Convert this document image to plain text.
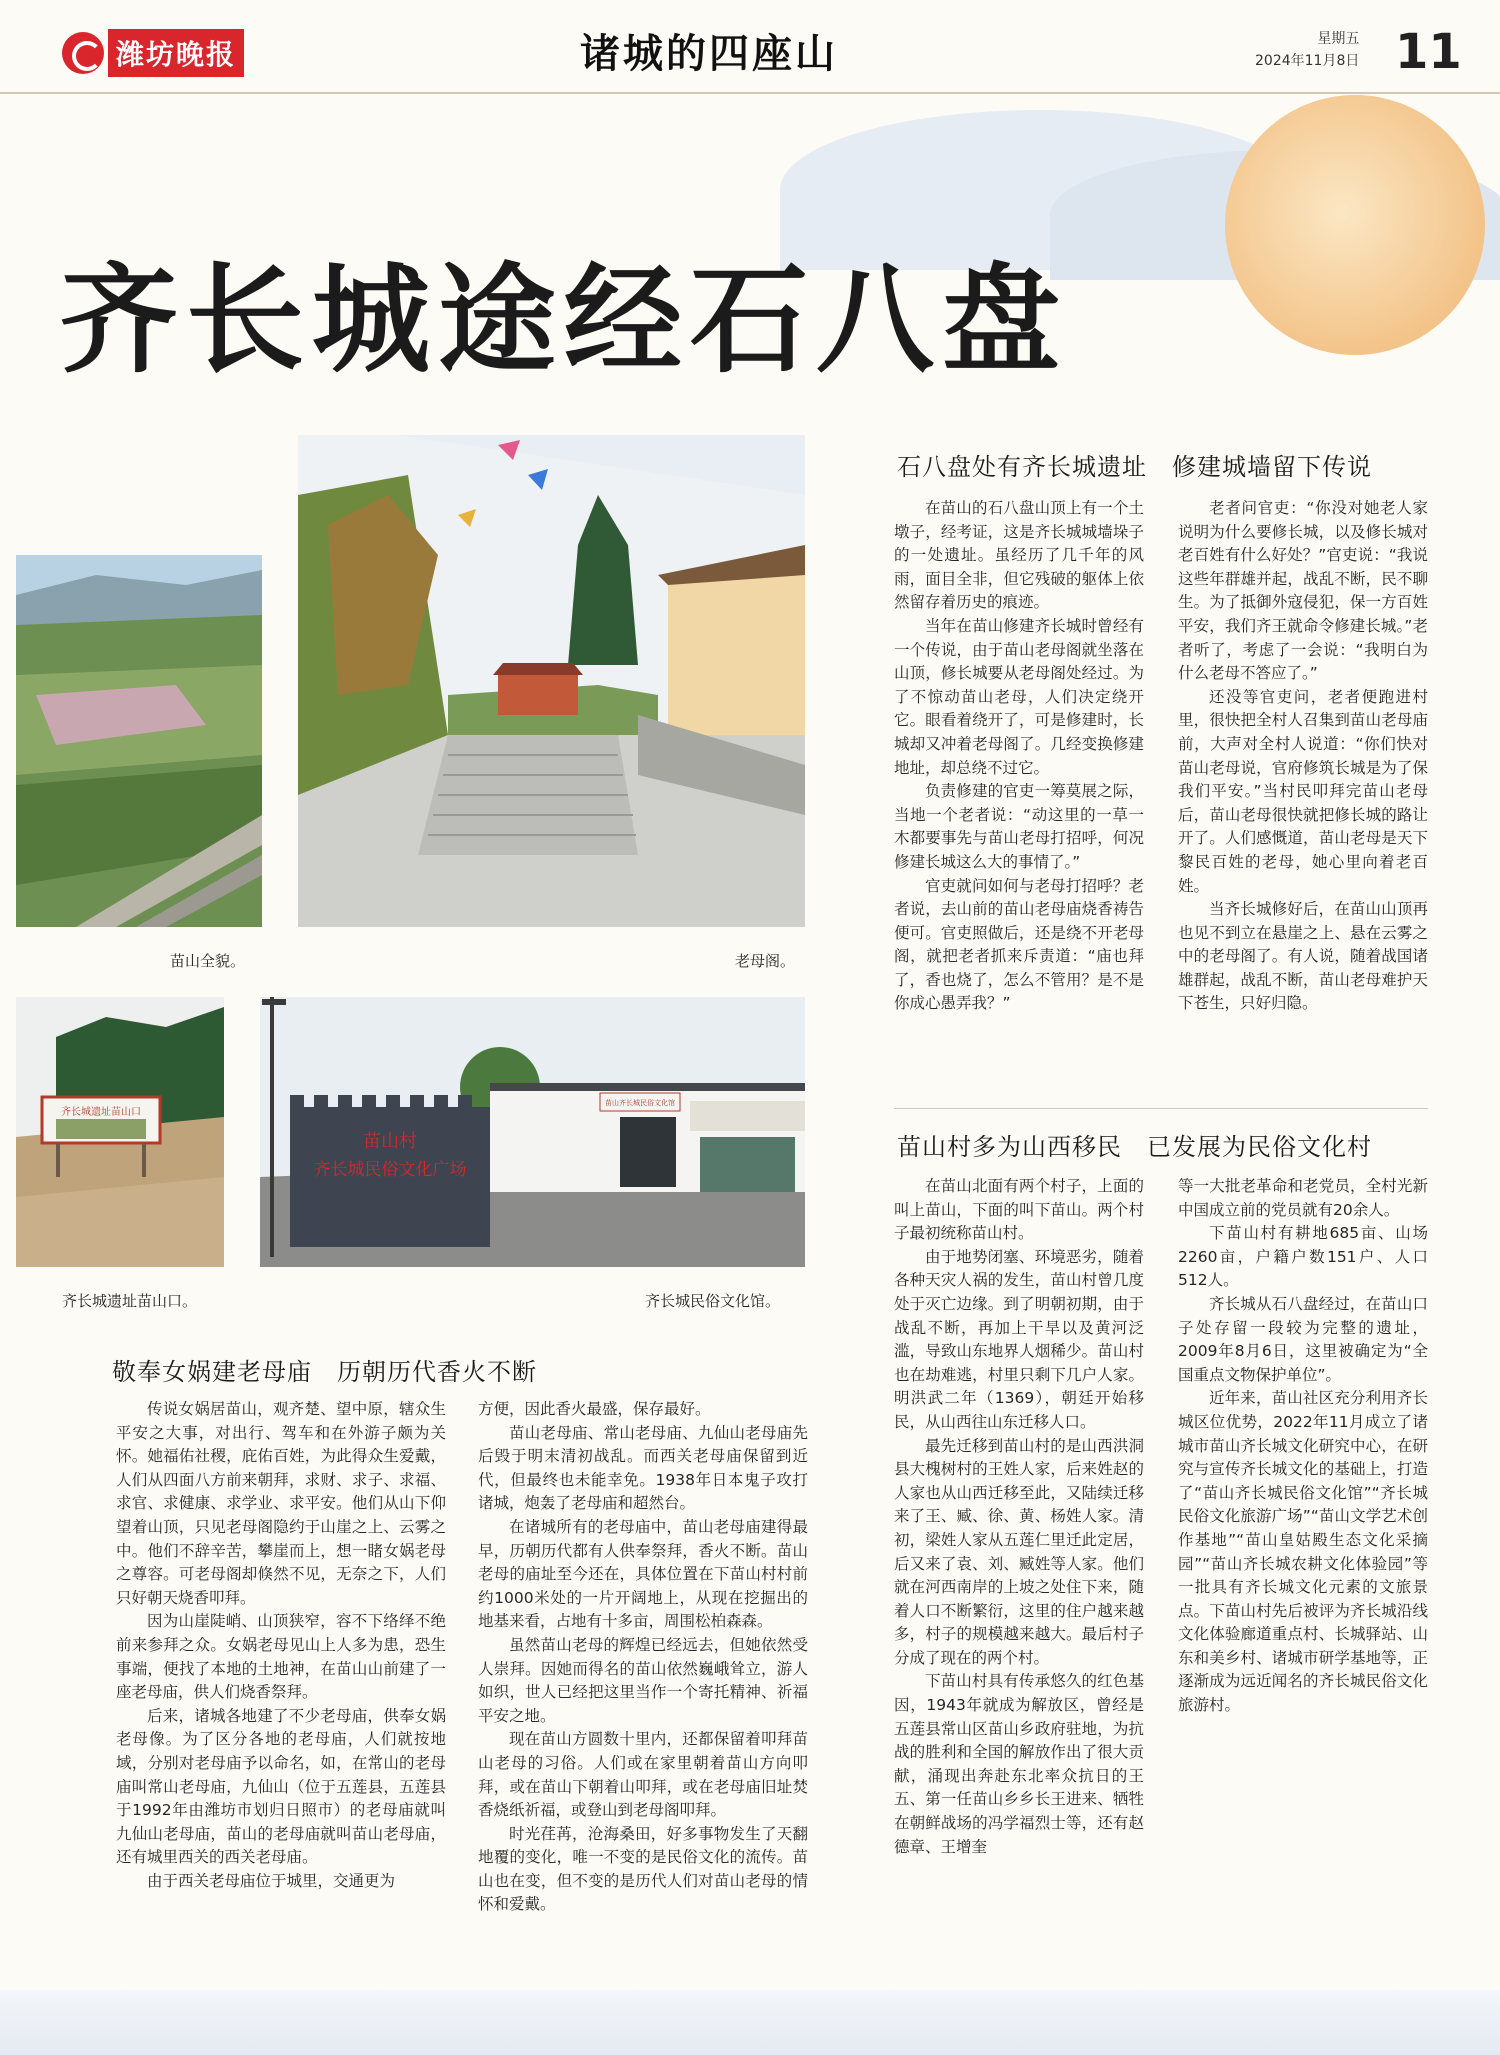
潍坊晚报	诸城的四座山	星期五
2024年11月8日 11
齐长城途经石八盘
苗山全貌。	老母阁。
齐长城遗址苗山口
齐长城遗址苗山口。
苗山齐长城民俗文化馆
苗山村
齐长城民俗文化广场
齐长城民俗文化馆。
敬奉女娲建老母庙　历朝历代香火不断

传说女娲居苗山，观齐楚、望中原，辖众生平安之大事，对出行、驾车和在外游子颇为关怀。她福佑社稷，庇佑百姓，为此得众生爱戴，人们从四面八方前来朝拜，求财、求子、求福、求官、求健康、求学业、求平安。他们从山下仰望着山顶，只见老母阁隐约于山崖之上、云雾之中。他们不辞辛苦，攀崖而上，想一睹女娲老母之尊容。可老母阁却倏然不见，无奈之下，人们只好朝天烧香叩拜。

因为山崖陡峭、山顶狭窄，容不下络绎不绝前来参拜之众。女娲老母见山上人多为患，恐生事端，便找了本地的土地神，在苗山山前建了一座老母庙，供人们烧香祭拜。

后来，诸城各地建了不少老母庙，供奉女娲老母像。为了区分各地的老母庙，人们就按地域，分别对老母庙予以命名，如，在常山的老母庙叫常山老母庙，九仙山（位于五莲县，五莲县于1992年由潍坊市划归日照市）的老母庙就叫九仙山老母庙，苗山的老母庙就叫苗山老母庙，还有城里西关的西关老母庙。

由于西关老母庙位于城里，交通更为

方便，因此香火最盛，保存最好。

苗山老母庙、常山老母庙、九仙山老母庙先后毁于明末清初战乱。而西关老母庙保留到近代，但最终也未能幸免。1938年日本鬼子攻打诸城，炮轰了老母庙和超然台。

在诸城所有的老母庙中，苗山老母庙建得最早，历朝历代都有人供奉祭拜，香火不断。苗山老母的庙址至今还在，具体位置在下苗山村村前约1000米处的一片开阔地上，从现在挖掘出的地基来看，占地有十多亩，周围松柏森森。

虽然苗山老母的辉煌已经远去，但她依然受人崇拜。因她而得名的苗山依然巍峨耸立，游人如织，世人已经把这里当作一个寄托精神、祈福平安之地。

现在苗山方圆数十里内，还都保留着叩拜苗山老母的习俗。人们或在家里朝着苗山方向叩拜，或在苗山下朝着山叩拜，或在老母庙旧址焚香烧纸祈福，或登山到老母阁叩拜。

时光荏苒，沧海桑田，好多事物发生了天翻地覆的变化，唯一不变的是民俗文化的流传。苗山也在变，但不变的是历代人们对苗山老母的情怀和爱戴。

石八盘处有齐长城遗址　修建城墙留下传说

在苗山的石八盘山顶上有一个土墩子，经考证，这是齐长城城墙垛子的一处遗址。虽经历了几千年的风雨，面目全非，但它残破的躯体上依然留存着历史的痕迹。

当年在苗山修建齐长城时曾经有一个传说，由于苗山老母阁就坐落在山顶，修长城要从老母阁处经过。为了不惊动苗山老母，人们决定绕开它。眼看着绕开了，可是修建时，长城却又冲着老母阁了。几经变换修建地址，却总绕不过它。

负责修建的官吏一筹莫展之际，当地一个老者说：“动这里的一草一木都要事先与苗山老母打招呼，何况修建长城这么大的事情了。”

官吏就问如何与老母打招呼？老者说，去山前的苗山老母庙烧香祷告便可。官吏照做后，还是绕不开老母阁，就把老者抓来斥责道：“庙也拜了，香也烧了，怎么不管用？是不是你成心愚弄我？”

老者问官吏：“你没对她老人家说明为什么要修长城，以及修长城对老百姓有什么好处？”官吏说：“我说这些年群雄并起，战乱不断，民不聊生。为了抵御外寇侵犯，保一方百姓平安，我们齐王就命令修建长城。”老者听了，考虑了一会说：“我明白为什么老母不答应了。”

还没等官吏问，老者便跑进村里，很快把全村人召集到苗山老母庙前，大声对全村人说道：“你们快对苗山老母说，官府修筑长城是为了保我们平安。”当村民叩拜完苗山老母后，苗山老母很快就把修长城的路让开了。人们感慨道，苗山老母是天下黎民百姓的老母，她心里向着老百姓。

当齐长城修好后，在苗山山顶再也见不到立在悬崖之上、悬在云雾之中的老母阁了。有人说，随着战国诸雄群起，战乱不断，苗山老母难护天下苍生，只好归隐。

苗山村多为山西移民　已发展为民俗文化村

在苗山北面有两个村子，上面的叫上苗山，下面的叫下苗山。两个村子最初统称苗山村。

由于地势闭塞、环境恶劣，随着各种天灾人祸的发生，苗山村曾几度处于灭亡边缘。到了明朝初期，由于战乱不断，再加上干旱以及黄河泛滥，导致山东地界人烟稀少。苗山村也在劫难逃，村里只剩下几户人家。明洪武二年（1369），朝廷开始移民，从山西往山东迁移人口。

最先迁移到苗山村的是山西洪洞县大槐树村的王姓人家，后来姓赵的人家也从山西迁移至此，又陆续迁移来了王、臧、徐、黄、杨姓人家。清初，梁姓人家从五莲仁里迁此定居，后又来了袁、刘、臧姓等人家。他们就在河西南岸的上坡之处住下来，随着人口不断繁衍，这里的住户越来越多，村子的规模越来越大。最后村子分成了现在的两个村。

下苗山村具有传承悠久的红色基因，1943年就成为解放区，曾经是五莲县常山区苗山乡政府驻地，为抗战的胜利和全国的解放作出了很大贡献，涌现出奔赴东北率众抗日的王五、第一任苗山乡乡长王进来、牺牲在朝鲜战场的冯学福烈士等，还有赵德章、王增奎

等一大批老革命和老党员，全村光新中国成立前的党员就有20余人。

下苗山村有耕地685亩、山场2260亩，户籍户数151户、人口512人。

齐长城从石八盘经过，在苗山口子处存留一段较为完整的遗址，2009年8月6日，这里被确定为“全国重点文物保护单位”。

近年来，苗山社区充分利用齐长城区位优势，2022年11月成立了诸城市苗山齐长城文化研究中心，在研究与宣传齐长城文化的基础上，打造了“苗山齐长城民俗文化馆”“齐长城民俗文化旅游广场”“苗山文学艺术创作基地”“苗山皇姑殿生态文化采摘园”“苗山齐长城农耕文化体验园”等一批具有齐长城文化元素的文旅景点。下苗山村先后被评为齐长城沿线文化体验廊道重点村、长城驿站、山东和美乡村、诸城市研学基地等，正逐渐成为远近闻名的齐长城民俗文化旅游村。
